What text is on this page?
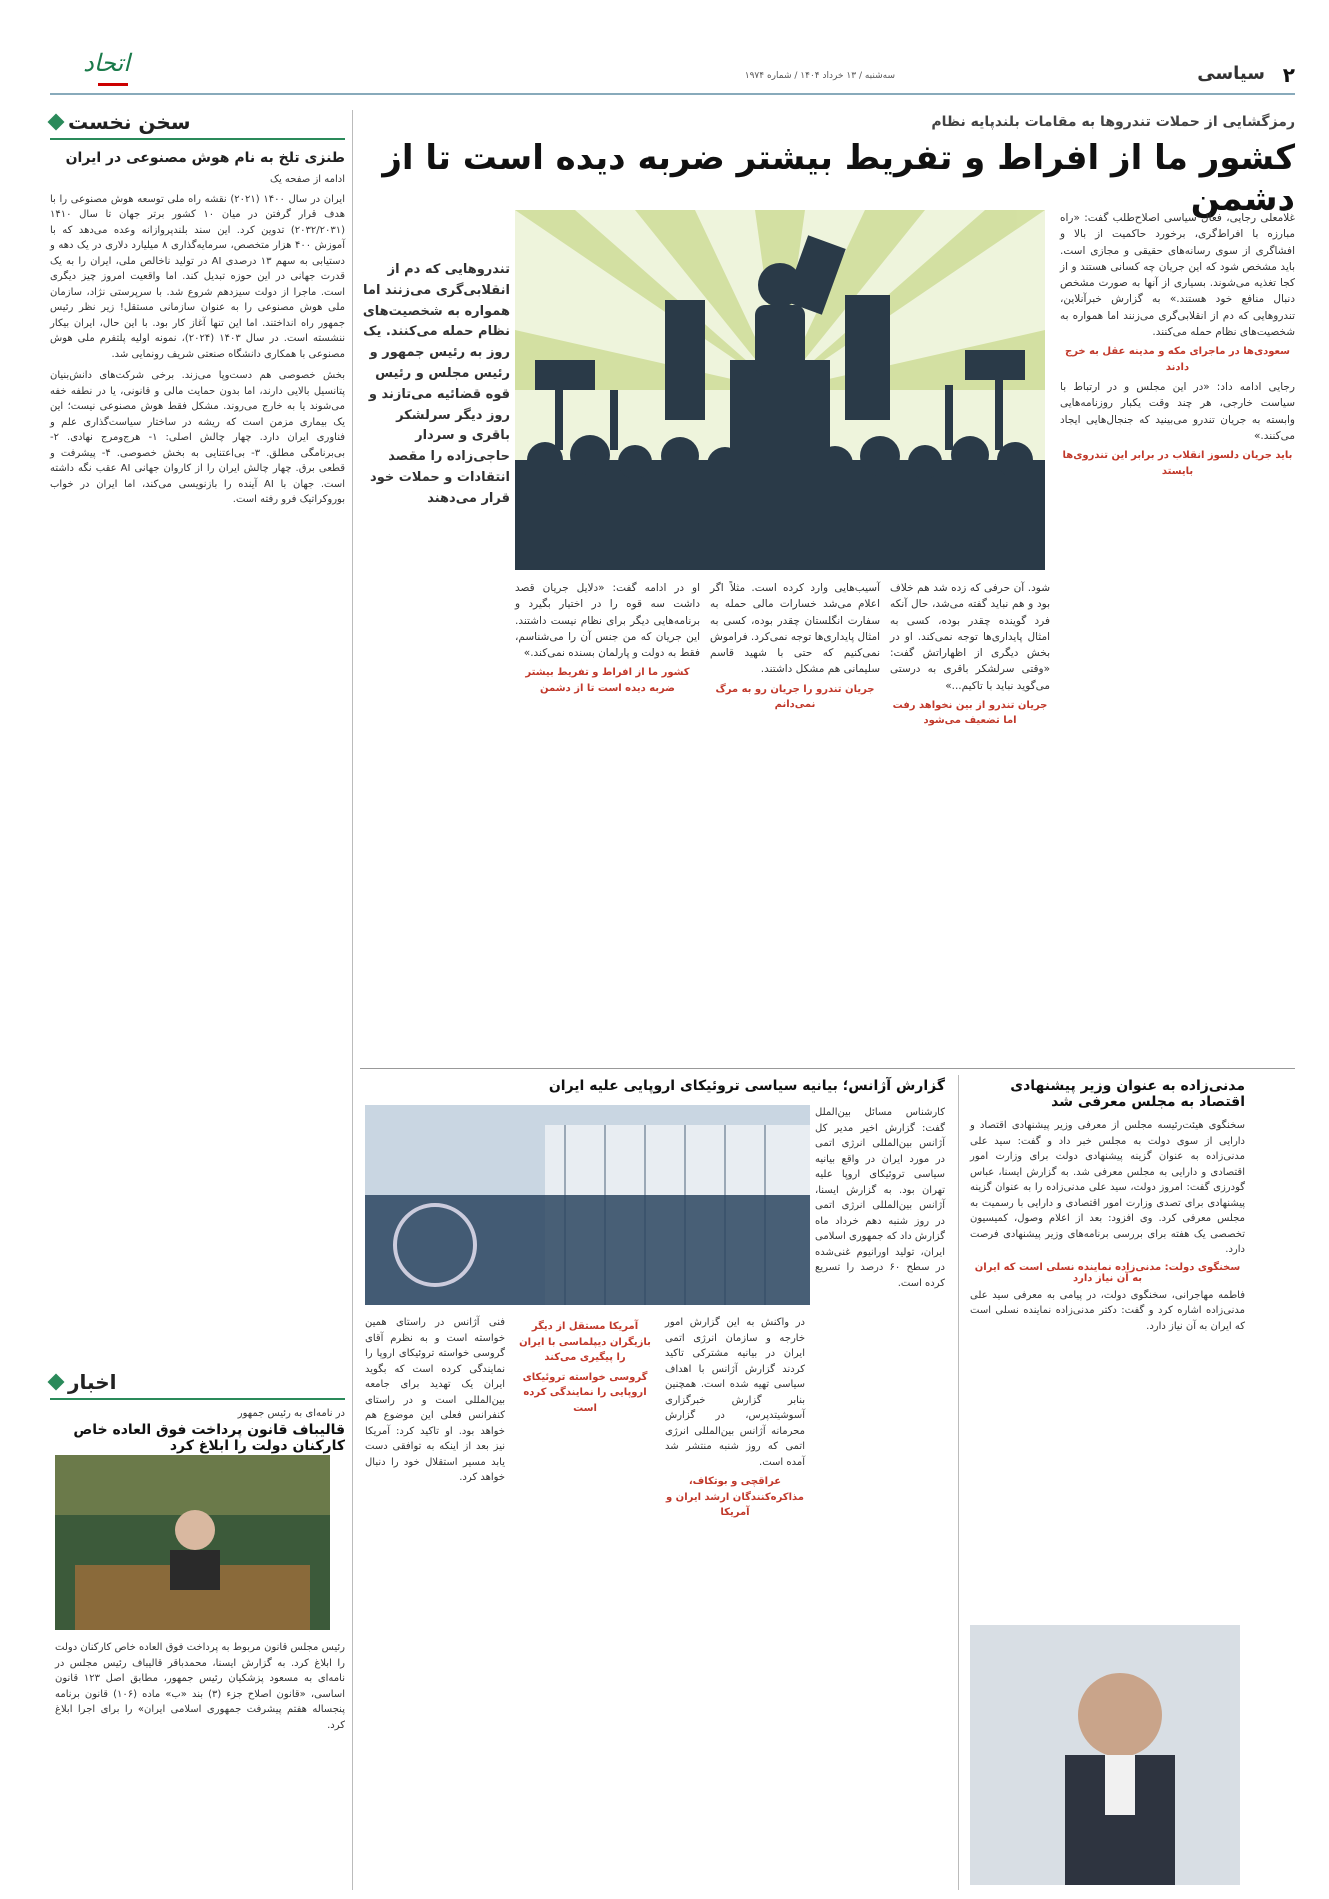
۲
سیاسی
سه‌شنبه / ۱۳ خرداد ۱۴۰۴ / شماره ۱۹۷۴
اتحاد
رمزگشایی از حملات تندروها به مقامات بلندپایه نظام
کشور ما از افراط و تفریط بیشتر ضربه دیده است تا از دشمن
تندروهایی که دم از انقلابی‌گری می‌زنند اما همواره به شخصیت‌های نظام حمله می‌کنند. یک روز به رئیس جمهور و رئیس مجلس و رئیس قوه قضائیه می‌تازند و روز دیگر سرلشکر باقری و سردار حاجی‌زاده را مقصد انتقادات و حملات خود قرار می‌دهند
غلامعلی رجایی، فعال سیاسی اصلاح‌طلب گفت: «راه مبارزه با افراط‌گری، برخورد حاکمیت از بالا و افشاگری از سوی رسانه‌های حقیقی و مجازی است. باید مشخص شود که این جریان چه کسانی هستند و از کجا تغذیه می‌شوند. بسیاری از آنها به صورت مشخص دنبال منافع خود هستند.» به گزارش خبرآنلاین، تندروهایی که دم از انقلابی‌گری می‌زنند اما همواره به شخصیت‌های نظام حمله می‌کنند.
سعودی‌ها در ماجرای مکه و مدینه عقل به خرج دادند
رجایی ادامه داد: «در این مجلس و در ارتباط با سیاست خارجی، هر چند وقت یکبار روزنامه‌هایی وابسته به جریان تندرو می‌بینید که جنجال‌هایی ایجاد می‌کنند.»
باید جریان دلسوز انقلاب در برابر این تندروی‌ها بایستد
شود. آن حرفی که زده شد هم خلاف بود و هم نباید گفته می‌شد، حال آنکه فرد گوینده چقدر بوده، کسی به امثال پایداری‌ها توجه نمی‌کند. او در بخش دیگری از اظهاراتش گفت: «وقتی سرلشکر باقری به درستی می‌گوید نباید با تاکیم...»
جریان تندرو از بین نخواهد رفت اما تضعیف می‌شود
آسیب‌هایی وارد کرده است. مثلاً اگر اعلام می‌شد خسارات مالی حمله به سفارت انگلستان چقدر بوده، کسی به امثال پایداری‌ها توجه نمی‌کرد. فراموش نمی‌کنیم که حتی با شهید قاسم سلیمانی هم مشکل داشتند.
جریان تندرو را جریان رو به مرگ نمی‌دانم
او در ادامه گفت: «دلایل جریان قصد داشت سه قوه را در اختیار بگیرد و برنامه‌هایی دیگر برای نظام نیست داشتند. این جریان که من جنس آن را می‌شناسم، فقط به دولت و پارلمان بسنده نمی‌کند.»
کشور ما از افراط و تفریط بیشتر ضربه دیده است تا از دشمن
سخن نخست
طنزی تلخ به نام هوش مصنوعی در ایران
ادامه از صفحه یک
ایران در سال ۱۴۰۰ (۲۰۲۱) نقشه راه ملی توسعه هوش مصنوعی را با هدف قرار گرفتن در میان ۱۰ کشور برتر جهان تا سال ۱۴۱۰ (۲۰۳۲/۲۰۳۱) تدوین کرد. این سند بلندپروازانه وعده می‌دهد که با آموزش ۴۰۰ هزار متخصص، سرمایه‌گذاری ۸ میلیارد دلاری در یک دهه و دستیابی به سهم ۱۳ درصدی AI در تولید ناخالص ملی، ایران را به یک قدرت جهانی در این حوزه تبدیل کند. اما واقعیت امروز چیز دیگری است. ماجرا از دولت سیزدهم شروع شد. با سرپرستی نژاد، سازمان ملی هوش مصنوعی را به عنوان سازمانی مستقل! زیر نظر رئیس جمهور راه انداختند. اما این تنها آغاز کار بود. با این حال، ایران بیکار ننشسته است. در سال ۱۴۰۳ (۲۰۲۴)، نمونه اولیه پلتفرم ملی هوش مصنوعی با همکاری دانشگاه صنعتی شریف رونمایی شد.
بخش خصوصی هم دست‌وپا می‌زند. برخی شرکت‌های دانش‌بنیان پتانسیل بالایی دارند، اما بدون حمایت مالی و قانونی، یا در نطفه خفه می‌شوند یا به خارج می‌روند. مشکل فقط هوش مصنوعی نیست؛ این یک بیماری مزمن است که ریشه در ساختار سیاست‌گذاری علم و فناوری ایران دارد. چهار چالش اصلی: ۱- هرج‌ومرج نهادی. ۲- بی‌برنامگی مطلق. ۳- بی‌اعتنایی به بخش خصوصی. ۴- پیشرفت و قطعی برق. چهار چالش ایران را از کاروان جهانی AI عقب نگه داشته است. جهان با AI آینده را بازنویسی می‌کند، اما ایران در خواب بوروکراتیک فرو رفته است.
اخبار
در نامه‌ای به رئیس جمهور
قالیباف قانون پرداخت فوق العاده خاص کارکنان دولت را ابلاغ کرد
رئیس مجلس قانون مربوط به پرداخت فوق العاده خاص کارکنان دولت را ابلاغ کرد. به گزارش ایسنا، محمدباقر قالیباف رئیس مجلس در نامه‌ای به مسعود پزشکیان رئیس جمهور، مطابق اصل ۱۲۳ قانون اساسی، «قانون اصلاح جزء (۳) بند «ب» ماده (۱۰۶) قانون برنامه پنجساله هفتم پیشرفت جمهوری اسلامی ایران» را برای اجرا ابلاغ کرد.
گزارش آژانس؛ بیانیه سیاسی تروئیکای اروپایی علیه ایران
کارشناس مسائل بین‌الملل گفت: گزارش اخیر مدیر کل آژانس بین‌المللی انرژی اتمی در مورد ایران در واقع بیانیه سیاسی تروئیکای اروپا علیه تهران بود. به گزارش ایسنا، آژانس بین‌المللی انرژی اتمی در روز شنبه دهم خرداد ماه گزارش داد که جمهوری اسلامی ایران، تولید اورانیوم غنی‌شده در سطح ۶۰ درصد را تسریع کرده است.
در واکنش به این گزارش امور خارجه و سازمان انرژی اتمی ایران در بیانیه مشترکی تاکید کردند گزارش آژانس با اهداف سیاسی تهیه شده است. همچنین بنابر گزارش خبرگزاری آسوشیتدپرس، در گزارش محرمانه آژانس بین‌المللی انرژی اتمی که روز شنبه منتشر شد آمده است.
عراقچی و بوتکاف، مذاکره‌کنندگان ارشد ایران و آمریکا
آمریکا مستقل از دیگر بازیگران دیپلماسی با ایران را پیگیری می‌کند
گروسی خواسته تروئیکای اروپایی را نمایندگی کرده است
فنی آژانس در راستای همین خواسته است و به نظرم آقای گروسی خواسته تروئیکای اروپا را نمایندگی کرده است که بگوید ایران یک تهدید برای جامعه بین‌المللی است و در راستای کنفرانس فعلی این موضوع هم خواهد بود. او تاکید کرد: آمریکا نیز بعد از اینکه به توافقی دست یابد مسیر استقلال خود را دنبال خواهد کرد.
مدنی‌زاده به عنوان وزیر پیشنهادی اقتصاد به مجلس معرفی شد
سخنگوی هیئت‌رئیسه مجلس از معرفی وزیر پیشنهادی اقتصاد و دارایی از سوی دولت به مجلس خبر داد و گفت: سید علی مدنی‌زاده به عنوان گزینه پیشنهادی دولت برای وزارت امور اقتصادی و دارایی به مجلس معرفی شد. به گزارش ایسنا، عباس گودرزی گفت: امروز دولت، سید علی مدنی‌زاده را به عنوان گزینه پیشنهادی برای تصدی وزارت امور اقتصادی و دارایی با رسمیت به مجلس معرفی کرد. وی افزود: بعد از اعلام وصول، کمیسیون تخصصی یک هفته برای بررسی برنامه‌های وزیر پیشنهادی فرصت دارد.
سخنگوی دولت: مدنی‌زاده نماینده نسلی است که ایران به آن نیاز دارد
فاطمه مهاجرانی، سخنگوی دولت، در پیامی به معرفی سید علی مدنی‌زاده اشاره کرد و گفت: دکتر مدنی‌زاده نماینده نسلی است که ایران به آن نیاز دارد.
